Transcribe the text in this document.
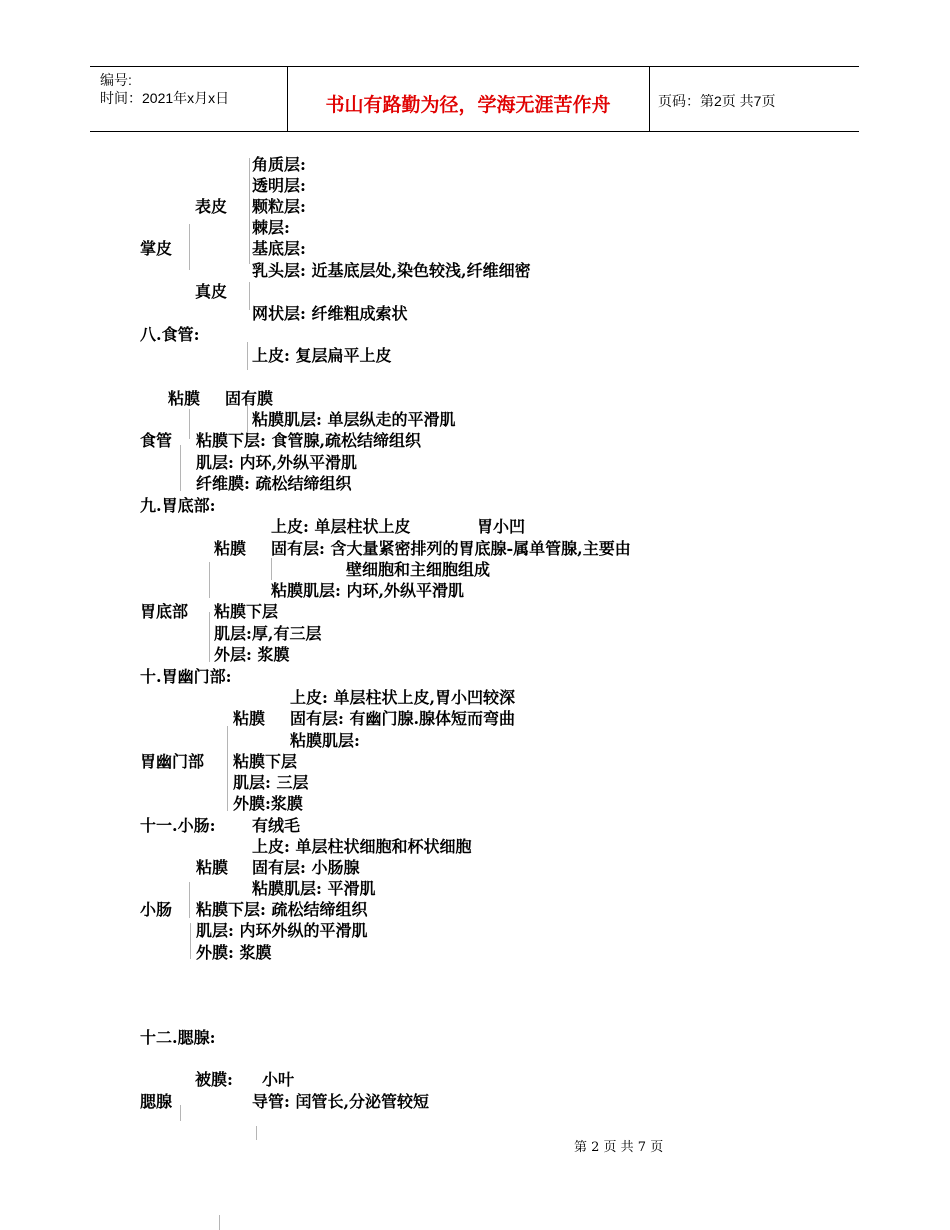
编号:
时间：2021年x月x日	书山有路勤为径，学海无涯苦作舟	页码：第2页 共7页
角质层:
透明层:
表皮 颗粒层:
棘层:
掌皮	基底层:
乳头层: 近基底层处,染色较浅,纤维细密
真皮
网状层: 纤维粗成索状
八.食管:
上皮: 复层扁平上皮
粘膜 固有膜
粘膜肌层: 单层纵走的平滑肌
食管 粘膜下层: 食管腺,疏松结缔组织
肌层: 内环,外纵平滑肌
纤维膜: 疏松结缔组织
九.胃底部:
上皮: 单层柱状上皮	胃小凹
粘膜 固有层: 含大量紧密排列的胃底腺-属单管腺,主要由
壁细胞和主细胞组成
粘膜肌层: 内环,外纵平滑肌
胃底部 粘膜下层
肌层:厚,有三层
外层: 浆膜
十.胃幽门部:
上皮: 单层柱状上皮,胃小凹较深
粘膜 固有层: 有幽门腺.腺体短而弯曲
粘膜肌层:
胃幽门部 粘膜下层
肌层: 三层
外膜:浆膜
十一.小肠: 有绒毛
上皮: 单层柱状细胞和杯状细胞
粘膜 固有层: 小肠腺
粘膜肌层: 平滑肌
小肠 粘膜下层: 疏松结缔组织
肌层: 内环外纵的平滑肌
外膜: 浆膜
十二.腮腺:
被膜: 小叶
腮腺	导管: 闰管长,分泌管较短
第 2 页 共 7 页
